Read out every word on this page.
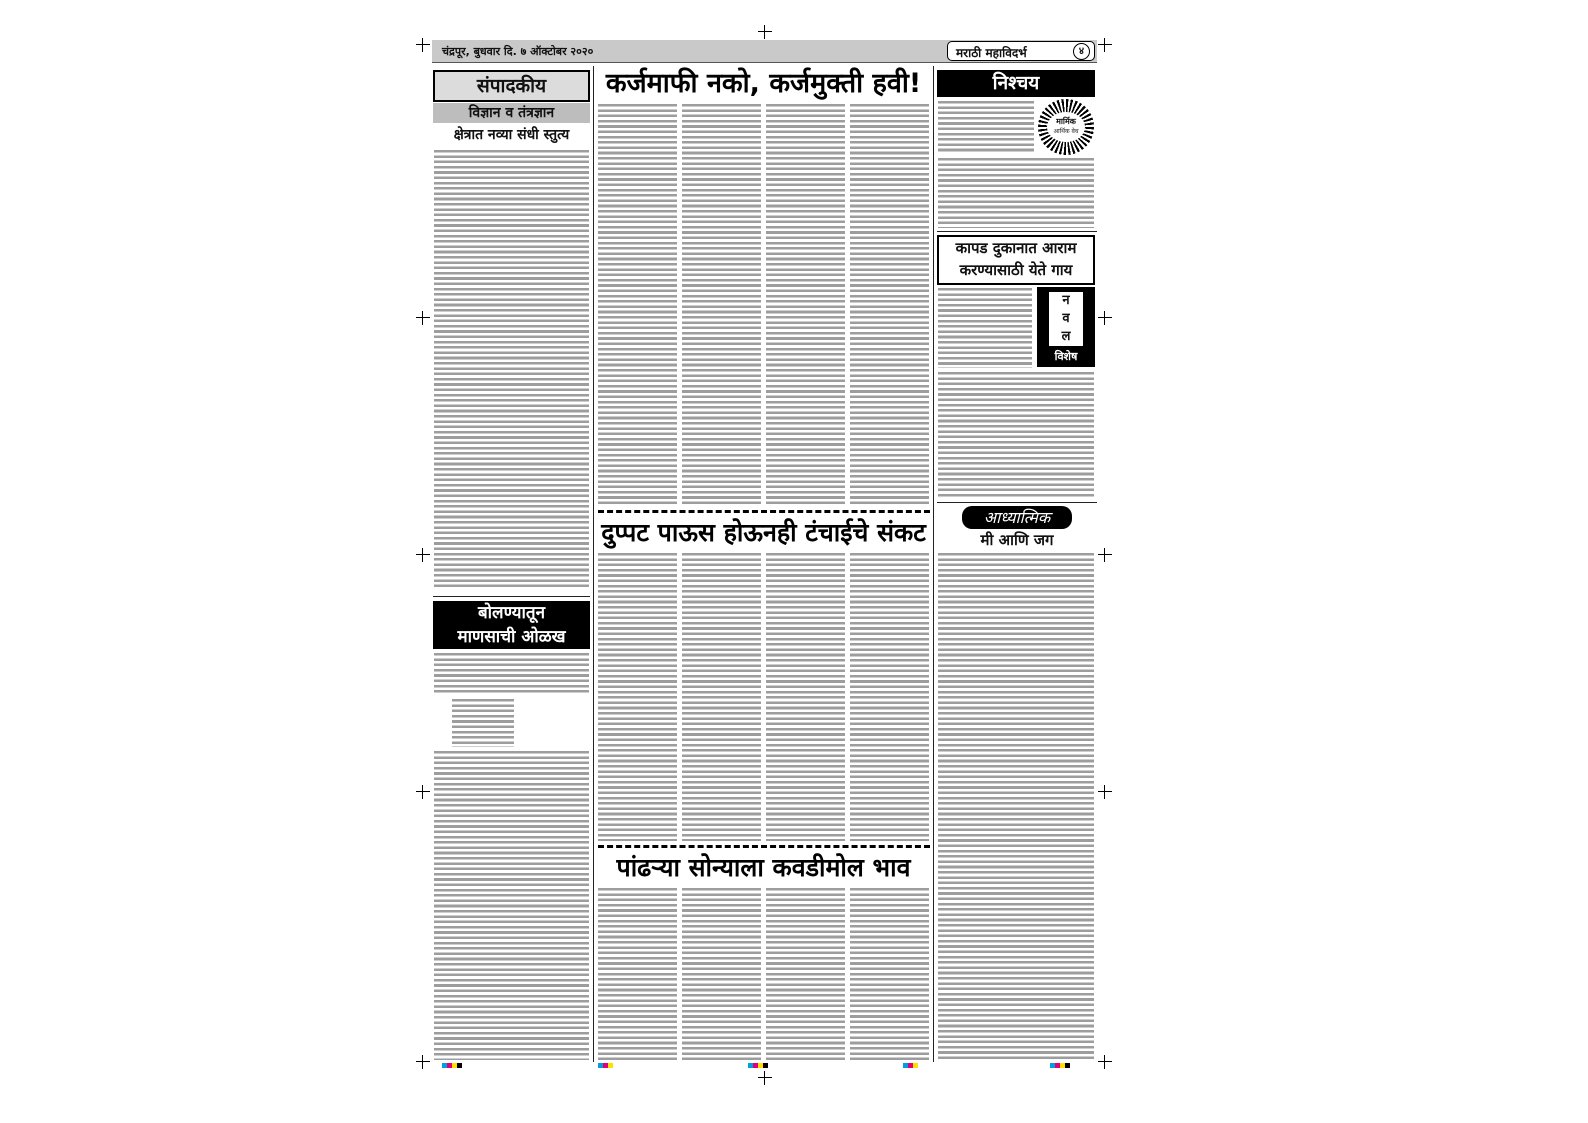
चंद्रपूर, बुधवार दि. ७ ऑक्टोबर २०२०	मराठी महाविदर्भ	४
संपादकीय
विज्ञान व तंत्रज्ञान
क्षेत्रात नव्या संधी स्तुत्य
बोलण्यातून
माणसाची ओळख
कर्जमाफी नको, कर्जमुक्ती हवी!
दुप्पट पाऊस होऊनही टंचाईचे संकट
पांढऱ्या सोन्याला कवडीमोल भाव
निश्चय
मार्मिक
आर्थिक वेध
कापड दुकानात आराम
करण्यासाठी येते गाय
न
व
ल
विशेष
आध्यात्मिक
मी आणि जग
